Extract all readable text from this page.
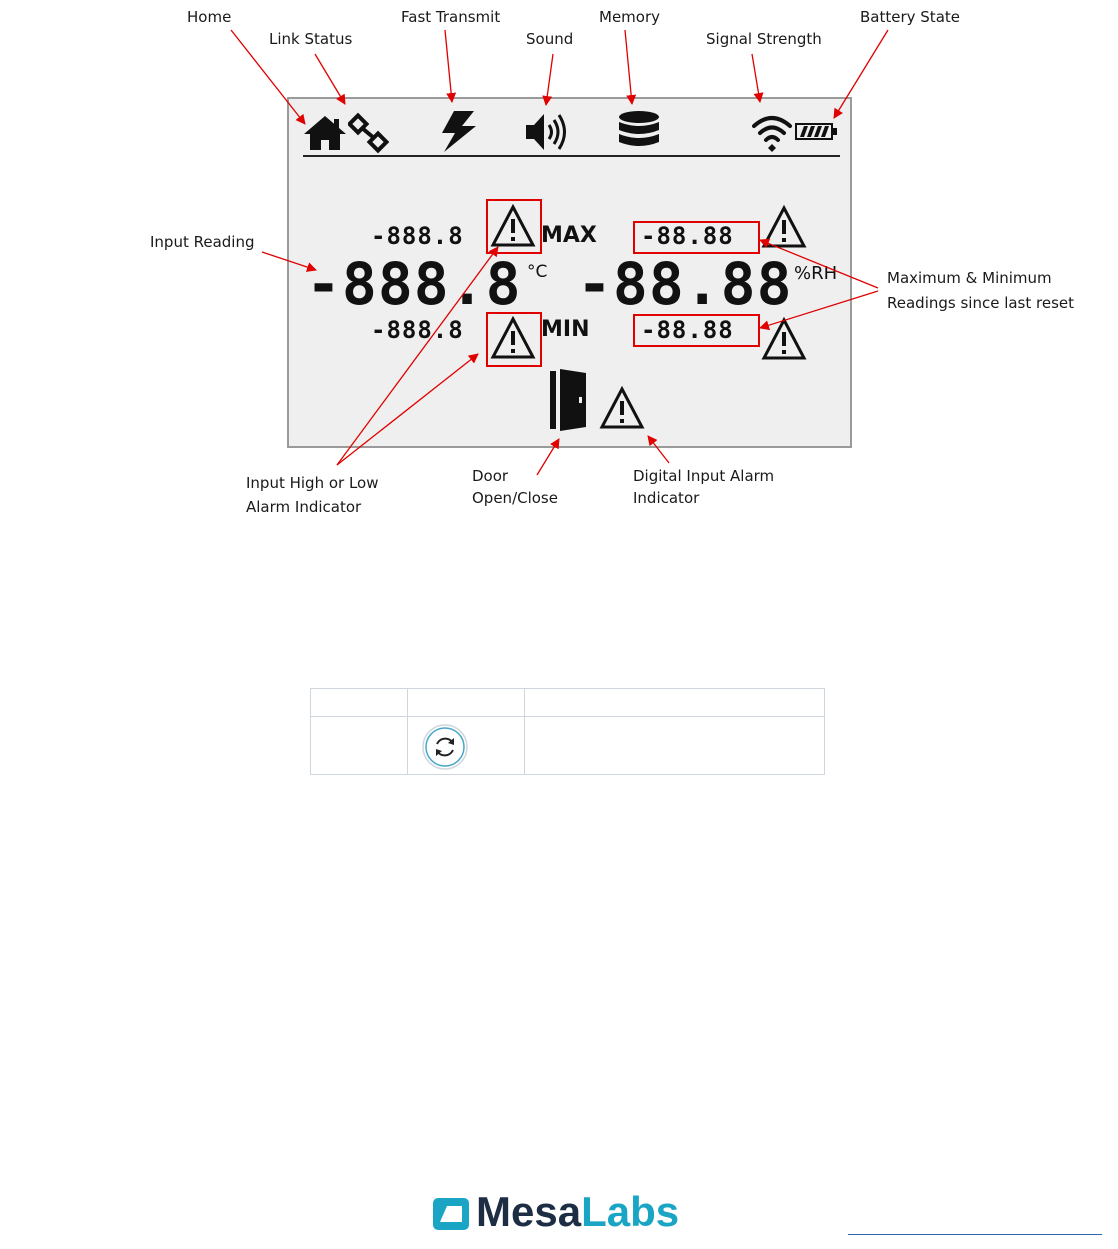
Home
Link Status
Fast Transmit
Sound
Memory
Signal Strength
Battery State
Input Reading
Maximum & Minimum
Readings since last reset
Input High or Low
Alarm Indicator
Door
Open/Close
Digital Input Alarm
Indicator
-888.8
-888.8 °C
-888.8
MAX
MIN
-88.88
-88.88 %RH
-88.88

MesaLabs
